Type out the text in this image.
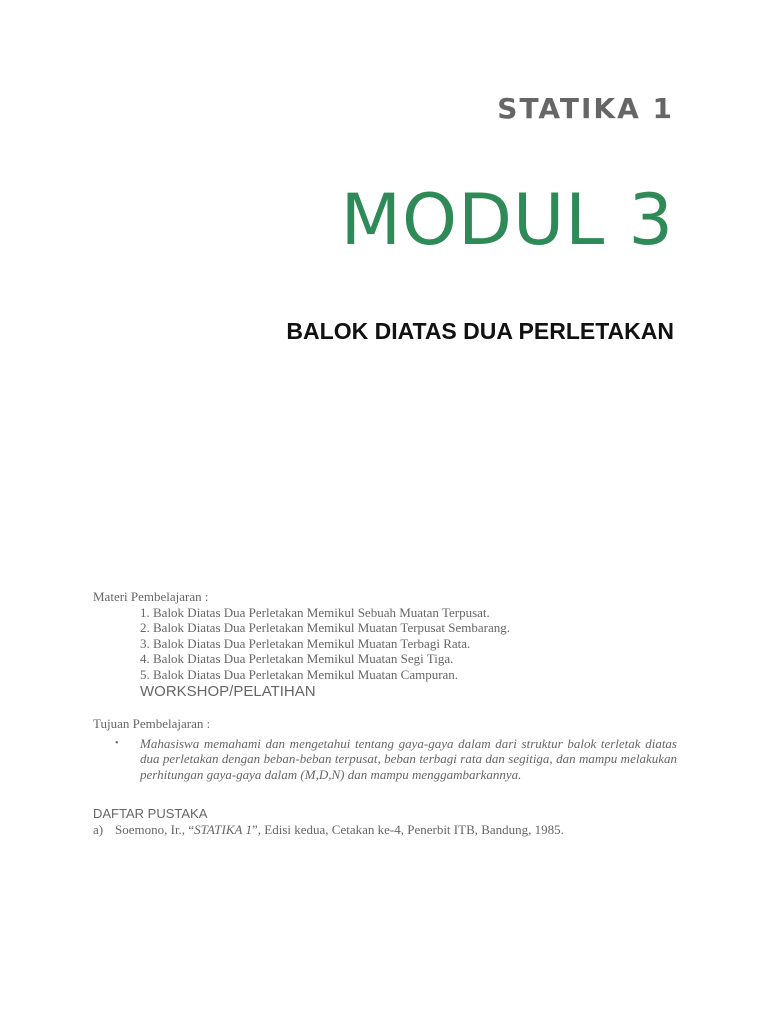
STATIKA 1
MODUL 3
BALOK DIATAS DUA PERLETAKAN
Materi Pembelajaran :
1. Balok Diatas Dua Perletakan Memikul Sebuah Muatan Terpusat.
2. Balok Diatas Dua Perletakan Memikul Muatan Terpusat Sembarang.
3. Balok Diatas Dua Perletakan Memikul Muatan Terbagi Rata.
4. Balok Diatas Dua Perletakan Memikul Muatan Segi Tiga.
5. Balok Diatas Dua Perletakan Memikul Muatan Campuran.
WORKSHOP/PELATIHAN
Tujuan Pembelajaran :
•	Mahasiswa memahami dan mengetahui tentang gaya-gaya dalam dari struktur balok terletak diatas dua perletakan dengan beban-beban terpusat, beban terbagi rata dan segitiga, dan mampu melakukan perhitungan gaya-gaya dalam (M,D,N) dan mampu menggambarkannya.
DAFTAR PUSTAKA
a) Soemono, Ir., “STATIKA 1”, Edisi kedua, Cetakan ke-4, Penerbit ITB, Bandung, 1985.
